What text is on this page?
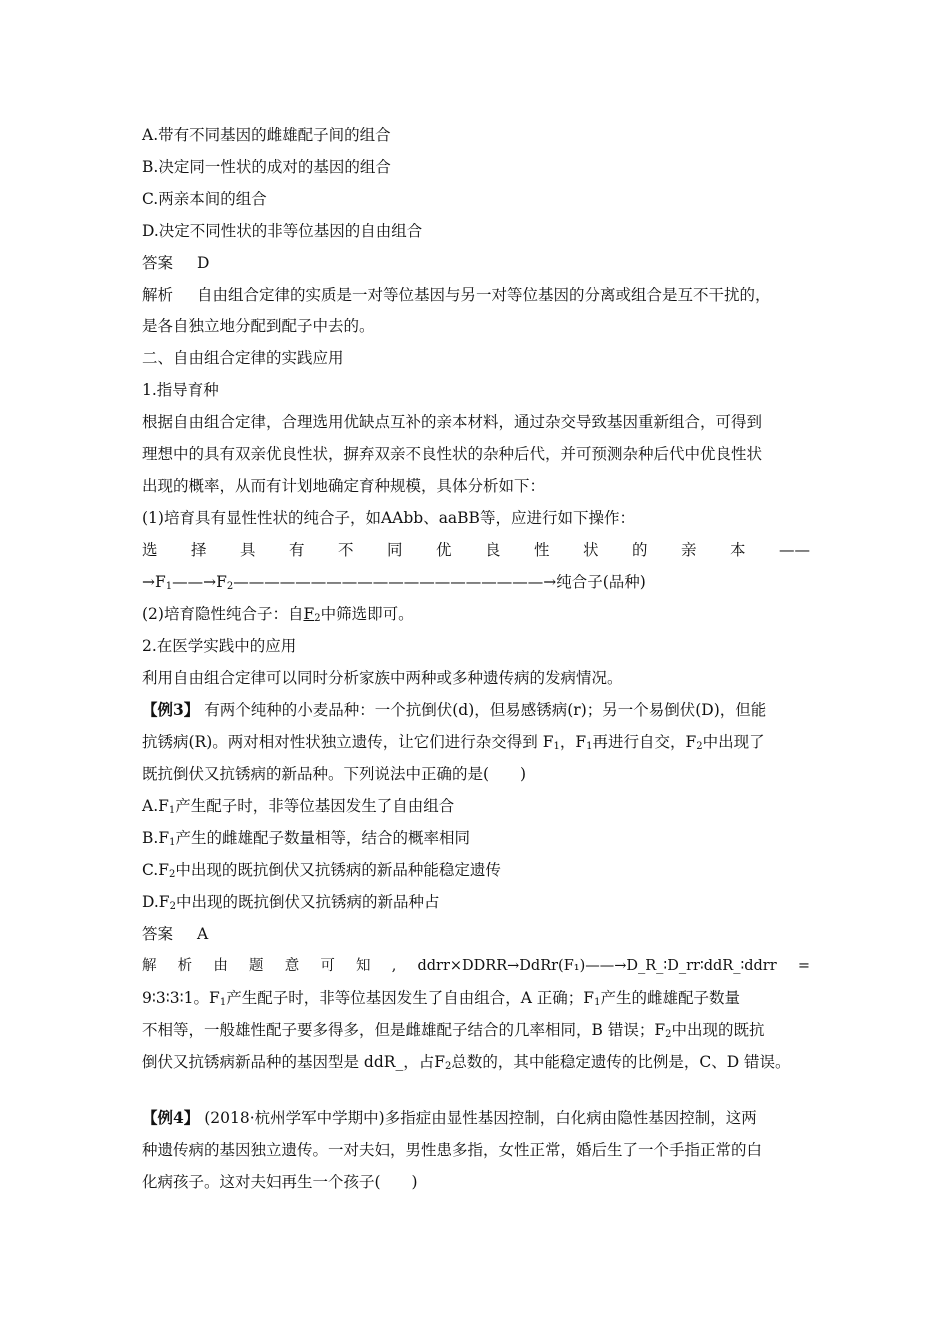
A.带有不同基因的雌雄配子间的组合
B.决定同一性状的成对的基因的组合
C.两亲本间的组合
D.决定不同性状的非等位基因的自由组合
答案 D
解析 自由组合定律的实质是一对等位基因与另一对等位基因的分离或组合是互不干扰的，
是各自独立地分配到配子中去的。
二、自由组合定律的实践应用
1.指导育种
根据自由组合定律，合理选用优缺点互补的亲本材料，通过杂交导致基因重新组合，可得到
理想中的具有双亲优良性状，摒弃双亲不良性状的杂种后代，并可预测杂种后代中优良性状
出现的概率，从而有计划地确定育种规模，具体分析如下：
(1)培育具有显性性状的纯合子，如AAbb、aaBB等，应进行如下操作：
选 择 具 有 不 同 优 良 性 状 的 亲 本 ——
$\to F_1——\to F_2————————————————————\to$纯合子(品种)
(2)培育隐性纯合子：自$F_2$中筛选即可。
2.在医学实践中的应用
利用自由组合定律可以同时分析家族中两种或多种遗传病的发病情况。
【例3】 有两个纯种的小麦品种：一个抗倒伏(d)，但易感锈病(r)；另一个易倒伏(D)，但能
抗锈病(R)。两对相对性状独立遗传，让它们进行杂交得到 $F_1$，$F_1$再进行自交，$F_2$中出现了
既抗倒伏又抗锈病的新品种。下列说法中正确的是(　　)
$A.F_1$产生配子时，非等位基因发生了自由组合
$B.F_1$产生的雌雄配子数量相等，结合的概率相同
$C.F_2$中出现的既抗倒伏又抗锈病的新品种能稳定遗传
$D.F_2$中出现的既抗倒伏又抗锈病的新品种占
答案 A
解 析 由 题 意 可 知 , ddrr×DDRR→DdRr(F₁)——→D_R_∶D_rr∶ddR_∶ddrr =
9∶3∶3∶1。$F_1$产生配子时，非等位基因发生了自由组合，A 正确；$F_1$产生的雌雄配子数量
不相等，一般雄性配子要多得多，但是雌雄配子结合的几率相同，B 错误；$F_2$中出现的既抗
倒伏又抗锈病新品种的基因型是 ddR_，占$F_2$总数的，其中能稳定遗传的比例是，C、D 错误。
【例4】 (2018·杭州学军中学期中)多指症由显性基因控制，白化病由隐性基因控制，这两
种遗传病的基因独立遗传。一对夫妇，男性患多指，女性正常，婚后生了一个手指正常的白
化病孩子。这对夫妇再生一个孩子(　　)
